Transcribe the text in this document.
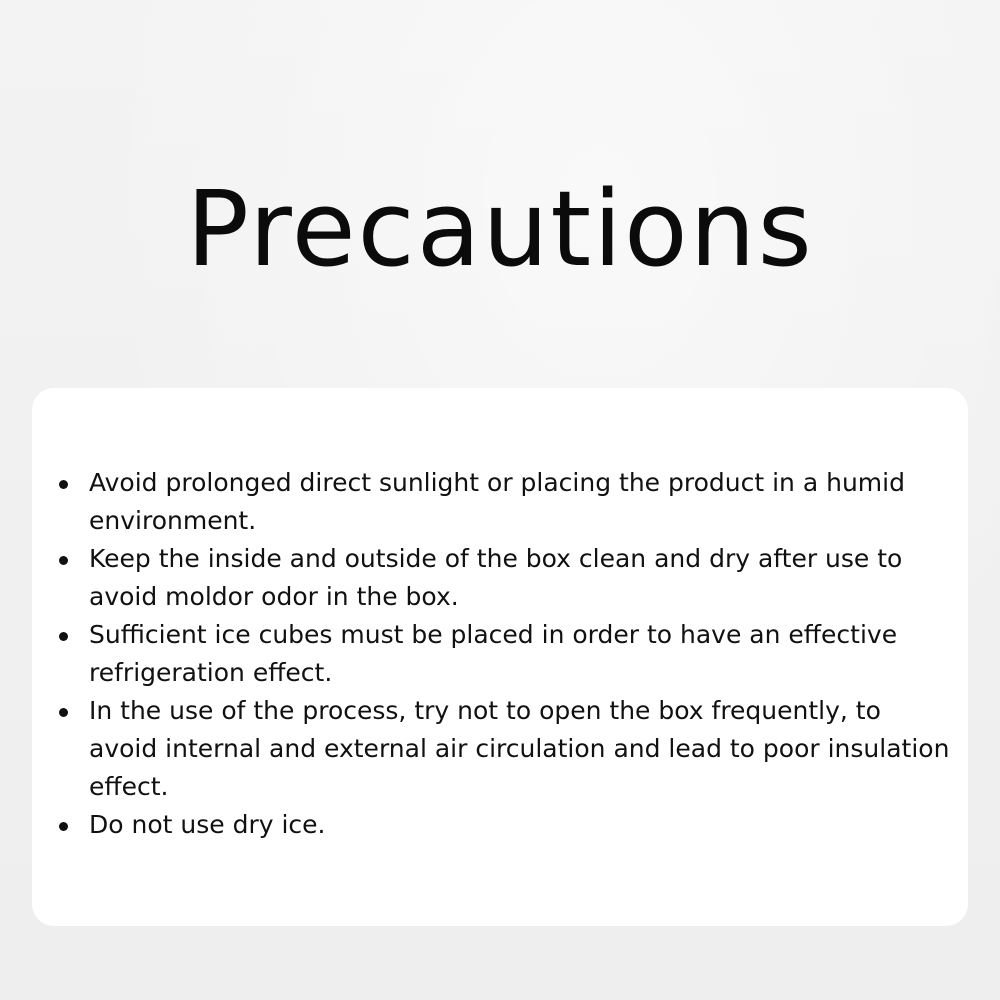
Precautions
Avoid prolonged direct sunlight or placing the product in a humid environment.
Keep the inside and outside of the box clean and dry after use to avoid moldor odor in the box.
Sufficient ice cubes must be placed in order to have an effective refrigeration effect.
In the use of the process, try not to open the box frequently, to avoid internal and external air circulation and lead to poor insulation effect.
Do not use dry ice.
